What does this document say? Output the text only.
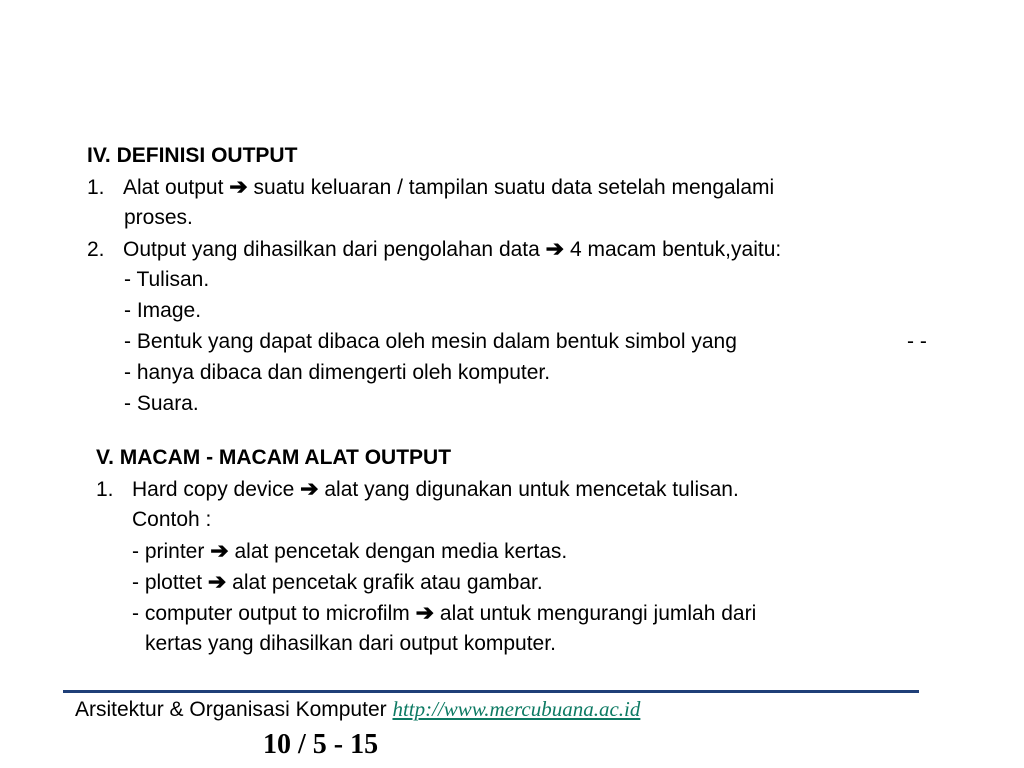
IV. DEFINISI OUTPUT
1. Alat output ➔ suatu keluaran / tampilan suatu data setelah mengalami
proses.
2. Output yang dihasilkan dari pengolahan data ➔ 4 macam bentuk,yaitu:
- Tulisan.
- Image.
- Bentuk yang dapat dibaca oleh mesin dalam bentuk simbol yang	- -
- hanya dibaca dan dimengerti oleh komputer.
- Suara.
V. MACAM - MACAM ALAT OUTPUT
1. Hard copy device ➔ alat yang digunakan untuk mencetak tulisan.
Contoh :
- printer ➔ alat pencetak dengan media kertas.
- plottet ➔ alat pencetak grafik atau gambar.
- computer output to microfilm ➔ alat untuk mengurangi jumlah dari
kertas yang dihasilkan dari output komputer.
Arsitektur & Organisasi Komputer http://www.mercubuana.ac.id
10 / 5 - 15
